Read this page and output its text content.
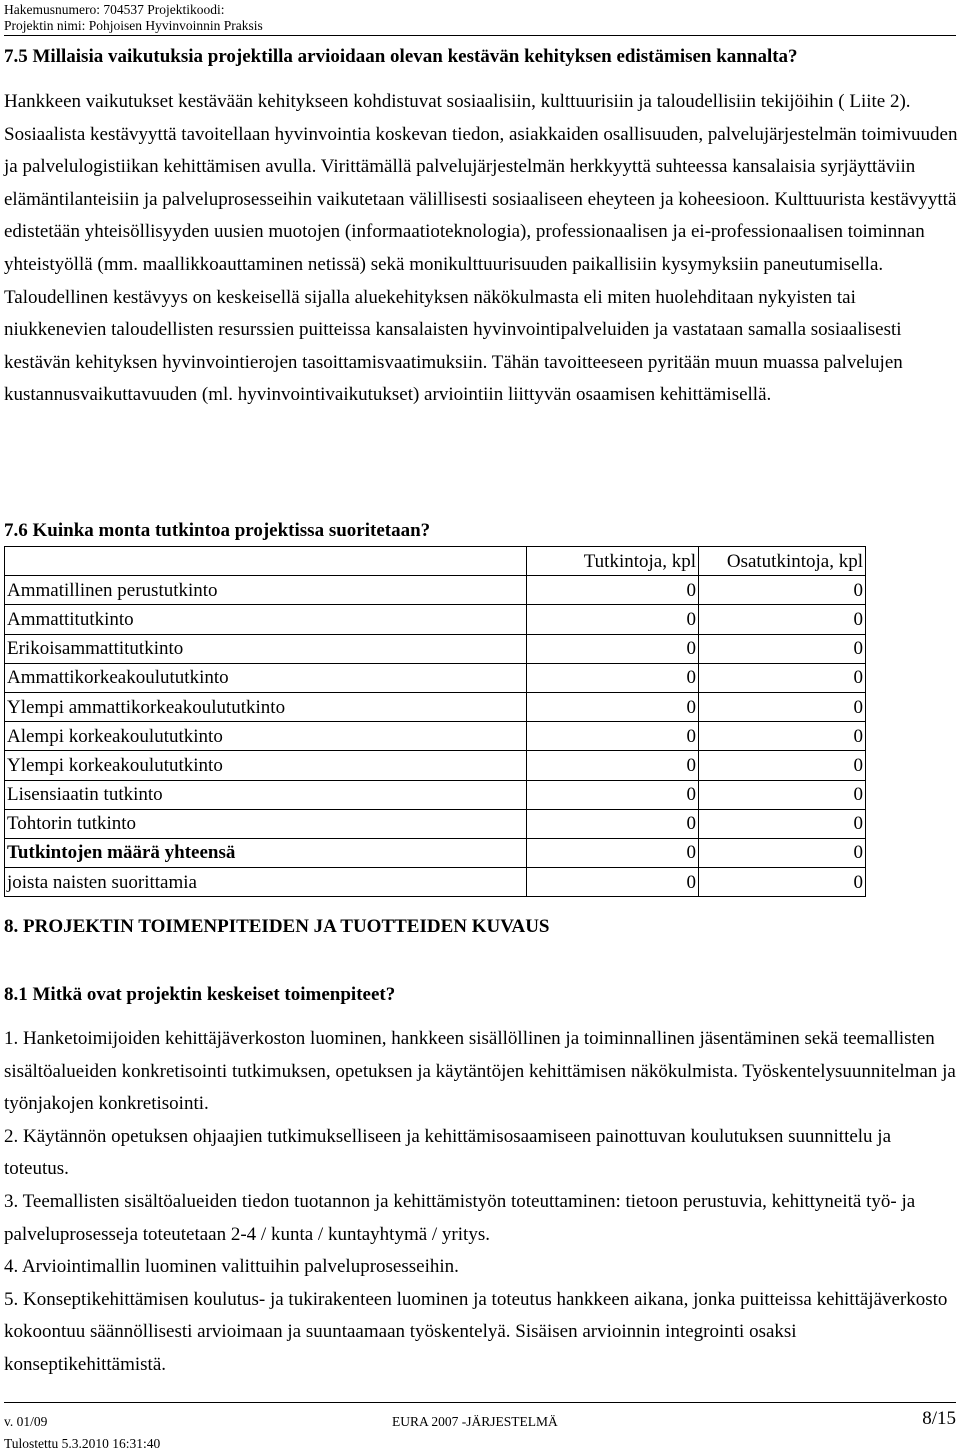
Hakemusnumero: 704537 Projektikoodi:
Projektin nimi: Pohjoisen Hyvinvoinnin Praksis
7.5 Millaisia vaikutuksia projektilla arvioidaan olevan kestävän kehityksen edistämisen kannalta?

Hankkeen vaikutukset kestävään kehitykseen kohdistuvat sosiaalisiin, kulttuurisiin ja taloudellisiin tekijöihin ( Liite 2). Sosiaalista kestävyyttä tavoitellaan hyvinvointia koskevan tiedon, asiakkaiden osallisuuden, palvelujärjestelmän toimivuuden ja palvelulogistiikan kehittämisen avulla. Virittämällä palvelujärjestelmän herkkyyttä suhteessa kansalaisia syrjäyttäviin elämäntilanteisiin ja palveluprosesseihin vaikutetaan välillisesti sosiaaliseen eheyteen ja koheesioon. Kulttuurista kestävyyttä edistetään yhteisöllisyyden uusien muotojen (informaatioteknologia), professionaalisen ja ei-professionaalisen toiminnan yhteistyöllä (mm. maallikkoauttaminen netissä) sekä monikulttuurisuuden paikallisiin kysymyksiin paneutumisella. Taloudellinen kestävyys on keskeisellä sijalla aluekehityksen näkökulmasta eli miten huolehditaan nykyisten tai niukkenevien taloudellisten resurssien puitteissa kansalaisten hyvinvointipalveluiden ja vastataan samalla sosiaalisesti kestävän kehityksen hyvinvointierojen tasoittamisvaatimuksiin. Tähän tavoitteeseen pyritään muun muassa palvelujen kustannusvaikuttavuuden (ml. hyvinvointivaikutukset) arviointiin liittyvän osaamisen kehittämisellä.

7.6 Kuinka monta tutkintoa projektissa suoritetaan?
	Tutkintoja, kpl	Osatutkintoja, kpl
Ammatillinen perustutkinto	0	0
Ammattitutkinto	0	0
Erikoisammattitutkinto	0	0
Ammattikorkeakoulututkinto	0	0
Ylempi ammattikorkeakoulututkinto	0	0
Alempi korkeakoulututkinto	0	0
Ylempi korkeakoulututkinto	0	0
Lisensiaatin tutkinto	0	0
Tohtorin tutkinto	0	0
Tutkintojen määrä yhteensä	0	0
joista naisten suorittamia	0	0
8. PROJEKTIN TOIMENPITEIDEN JA TUOTTEIDEN KUVAUS
8.1 Mitkä ovat projektin keskeiset toimenpiteet?

1. Hanketoimijoiden kehittäjäverkoston luominen, hankkeen sisällöllinen ja toiminnallinen jäsentäminen sekä teemallisten sisältöalueiden konkretisointi tutkimuksen, opetuksen ja käytäntöjen kehittämisen näkökulmista. Työskentelysuunnitelman ja työnjakojen konkretisointi.

2. Käytännön opetuksen ohjaajien tutkimukselliseen ja kehittämisosaamiseen painottuvan koulutuksen suunnittelu ja toteutus.

3. Teemallisten sisältöalueiden tiedon tuotannon ja kehittämistyön toteuttaminen: tietoon perustuvia, kehittyneitä työ- ja palveluprosesseja toteutetaan 2-4 / kunta / kuntayhtymä / yritys.

4. Arviointimallin luominen valittuihin palveluprosesseihin.

5. Konseptikehittämisen koulutus- ja tukirakenteen luominen ja toteutus hankkeen aikana, jonka puitteissa kehittäjäverkosto kokoontuu säännöllisesti arvioimaan ja suuntaamaan työskentelyä. Sisäisen arvioinnin integrointi osaksi konseptikehittämistä.

v. 01/09	EURA 2007 -JÄRJESTELMÄ	8/15
Tulostettu 5.3.2010 16:31:40
